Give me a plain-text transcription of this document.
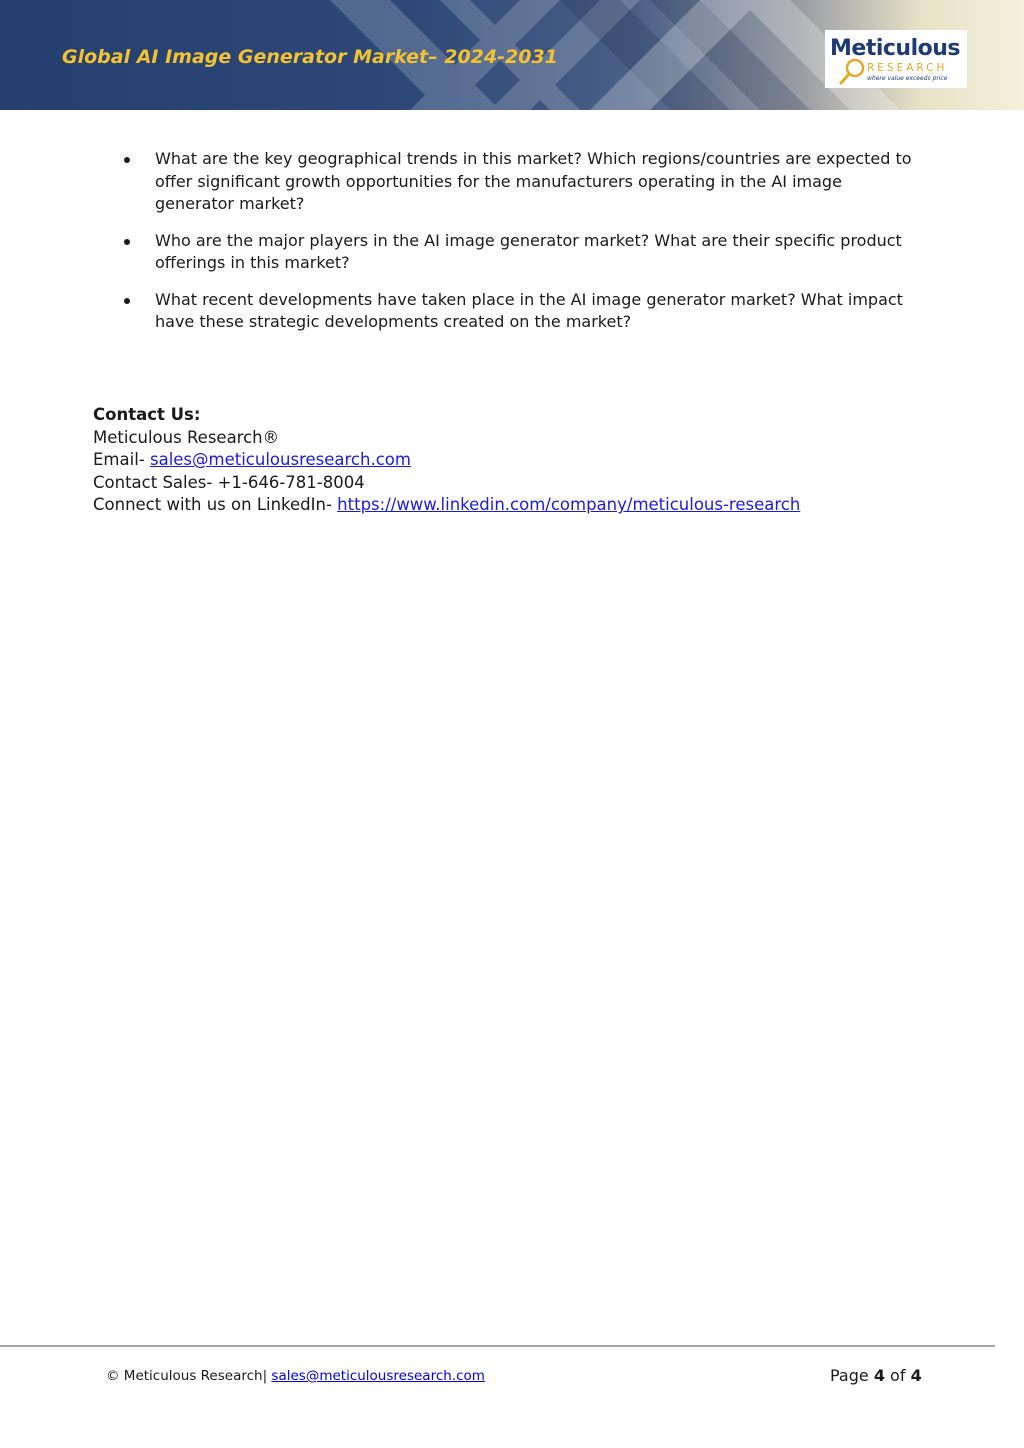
Global AI Image Generator Market– 2024-2031	Meticulous
RESEARCH
where value exceeds price
What are the key geographical trends in this market? Which regions/countries are expected to offer significant growth opportunities for the manufacturers operating in the AI image generator market?
Who are the major players in the AI image generator market? What are their specific product offerings in this market?
What recent developments have taken place in the AI image generator market? What impact have these strategic developments created on the market?
Contact Us:
Meticulous Research®
Email- sales@meticulousresearch.com
Contact Sales- +1-646-781-8004
Connect with us on LinkedIn- https://www.linkedin.com/company/meticulous-research
© Meticulous Research| sales@meticulousresearch.com	Page 4 of 4
